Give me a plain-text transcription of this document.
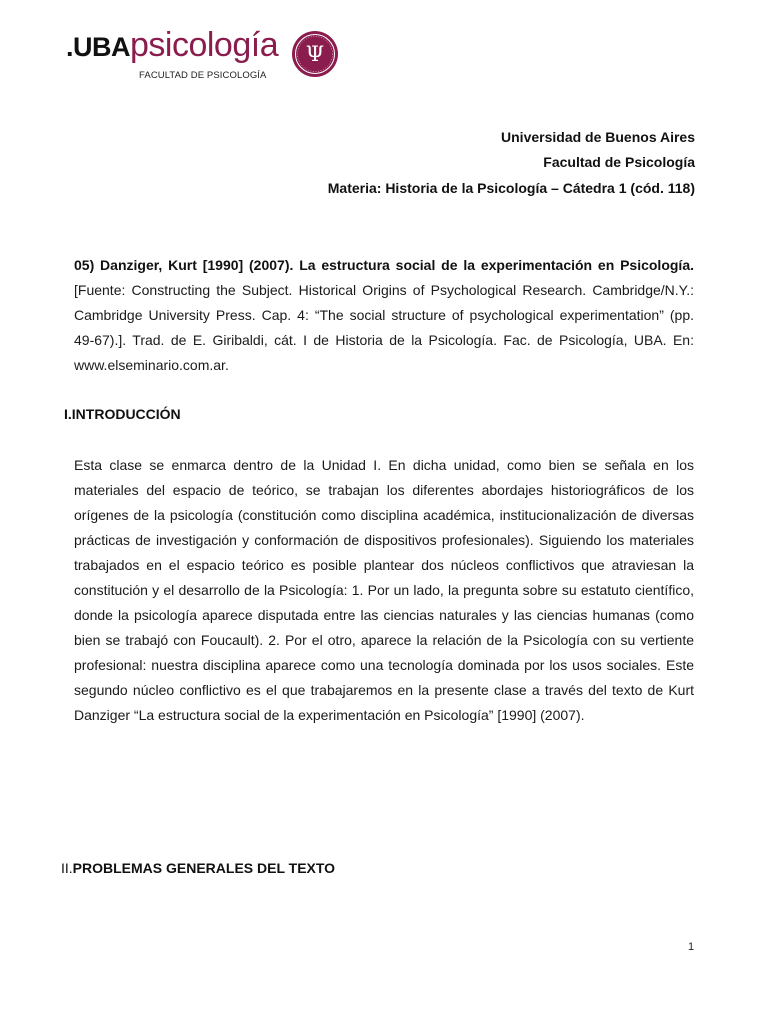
.UBApsicología
FACULTAD DE PSICOLOGÍA
Ψ
Universidad de Buenos Aires
Facultad de Psicología
Materia: Historia de la Psicología – Cátedra 1 (cód. 118)
05) Danziger, Kurt [1990] (2007). La estructura social de la experimentación en Psicología. [Fuente: Constructing the Subject. Historical Origins of Psychological Research. Cambridge/N.Y.: Cambridge University Press. Cap. 4: “The social structure of psychological experimentation” (pp. 49-67).]. Trad. de E. Giribaldi, cát. I de Historia de la Psicología. Fac. de Psicología, UBA. En: www.elseminario.com.ar.
I.INTRODUCCIÓN
Esta clase se enmarca dentro de la Unidad I. En dicha unidad, como bien se señala en los materiales del espacio de teórico, se trabajan los diferentes abordajes historiográficos de los orígenes de la psicología (constitución como disciplina académica, institucionalización de diversas prácticas de investigación y conformación de dispositivos profesionales). Siguiendo los materiales trabajados en el espacio teórico es posible plantear dos núcleos conflictivos que atraviesan la constitución y el desarrollo de la Psicología: 1. Por un lado, la pregunta sobre su estatuto científico, donde la psicología aparece disputada entre las ciencias naturales y las ciencias humanas (como bien se trabajó con Foucault). 2. Por el otro, aparece la relación de la Psicología con su vertiente profesional: nuestra disciplina aparece como una tecnología dominada por los usos sociales. Este segundo núcleo conflictivo es el que trabajaremos en la presente clase a través del texto de Kurt Danziger “La estructura social de la experimentación en Psicología” [1990] (2007).
II.PROBLEMAS GENERALES DEL TEXTO
1
